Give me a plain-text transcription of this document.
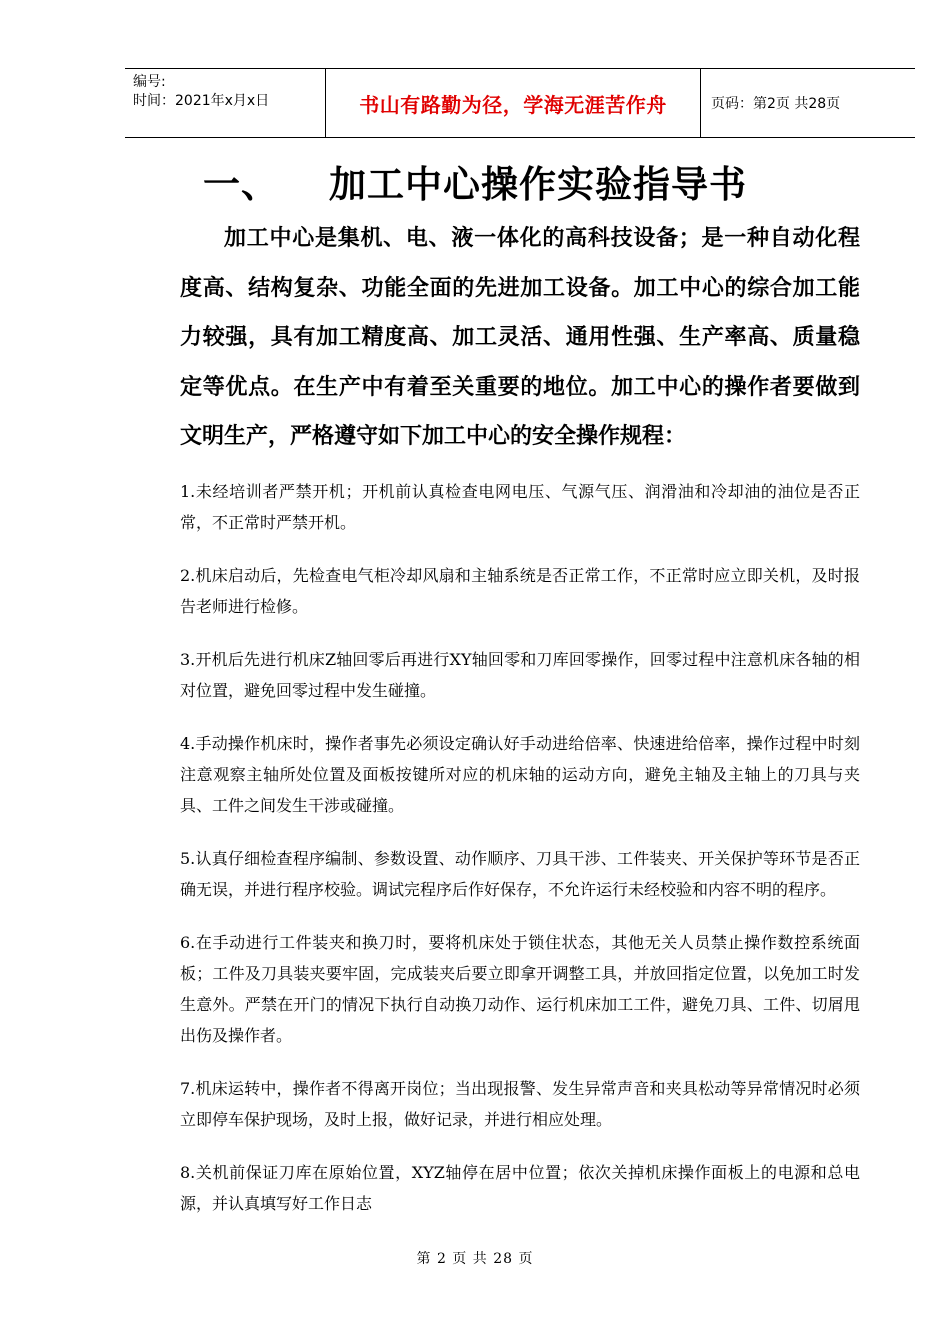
编号:
时间：2021年x月x日	书山有路勤为径，学海无涯苦作舟	页码：第2页 共28页
一、 加工中心操作实验指导书

加工中心是集机、电、液一体化的高科技设备；是一种自动化程度高、结构复杂、功能全面的先进加工设备。加工中心的综合加工能力较强，具有加工精度高、加工灵活、通用性强、生产率高、质量稳定等优点。在生产中有着至关重要的地位。加工中心的操作者要做到文明生产，严格遵守如下加工中心的安全操作规程：

1.未经培训者严禁开机；开机前认真检查电网电压、气源气压、润滑油和冷却油的油位是否正常，不正常时严禁开机。
2.机床启动后，先检查电气柜冷却风扇和主轴系统是否正常工作，不正常时应立即关机，及时报告老师进行检修。
3.开机后先进行机床Z轴回零后再进行XY轴回零和刀库回零操作，回零过程中注意机床各轴的相对位置，避免回零过程中发生碰撞。
4.手动操作机床时，操作者事先必须设定确认好手动进给倍率、快速进给倍率，操作过程中时刻注意观察主轴所处位置及面板按键所对应的机床轴的运动方向，避免主轴及主轴上的刀具与夹具、工件之间发生干涉或碰撞。
5.认真仔细检查程序编制、参数设置、动作顺序、刀具干涉、工件装夹、开关保护等环节是否正确无误，并进行程序校验。调试完程序后作好保存，不允许运行未经校验和内容不明的程序。
6.在手动进行工件装夹和换刀时，要将机床处于锁住状态，其他无关人员禁止操作数控系统面板；工件及刀具装夹要牢固，完成装夹后要立即拿开调整工具，并放回指定位置，以免加工时发生意外。严禁在开门的情况下执行自动换刀动作、运行机床加工工件，避免刀具、工件、切屑甩出伤及操作者。
7.机床运转中，操作者不得离开岗位；当出现报警、发生异常声音和夹具松动等异常情况时必须立即停车保护现场，及时上报，做好记录，并进行相应处理。
8.关机前保证刀库在原始位置，XYZ轴停在居中位置；依次关掉机床操作面板上的电源和总电源，并认真填写好工作日志
第 2 页 共 28 页
